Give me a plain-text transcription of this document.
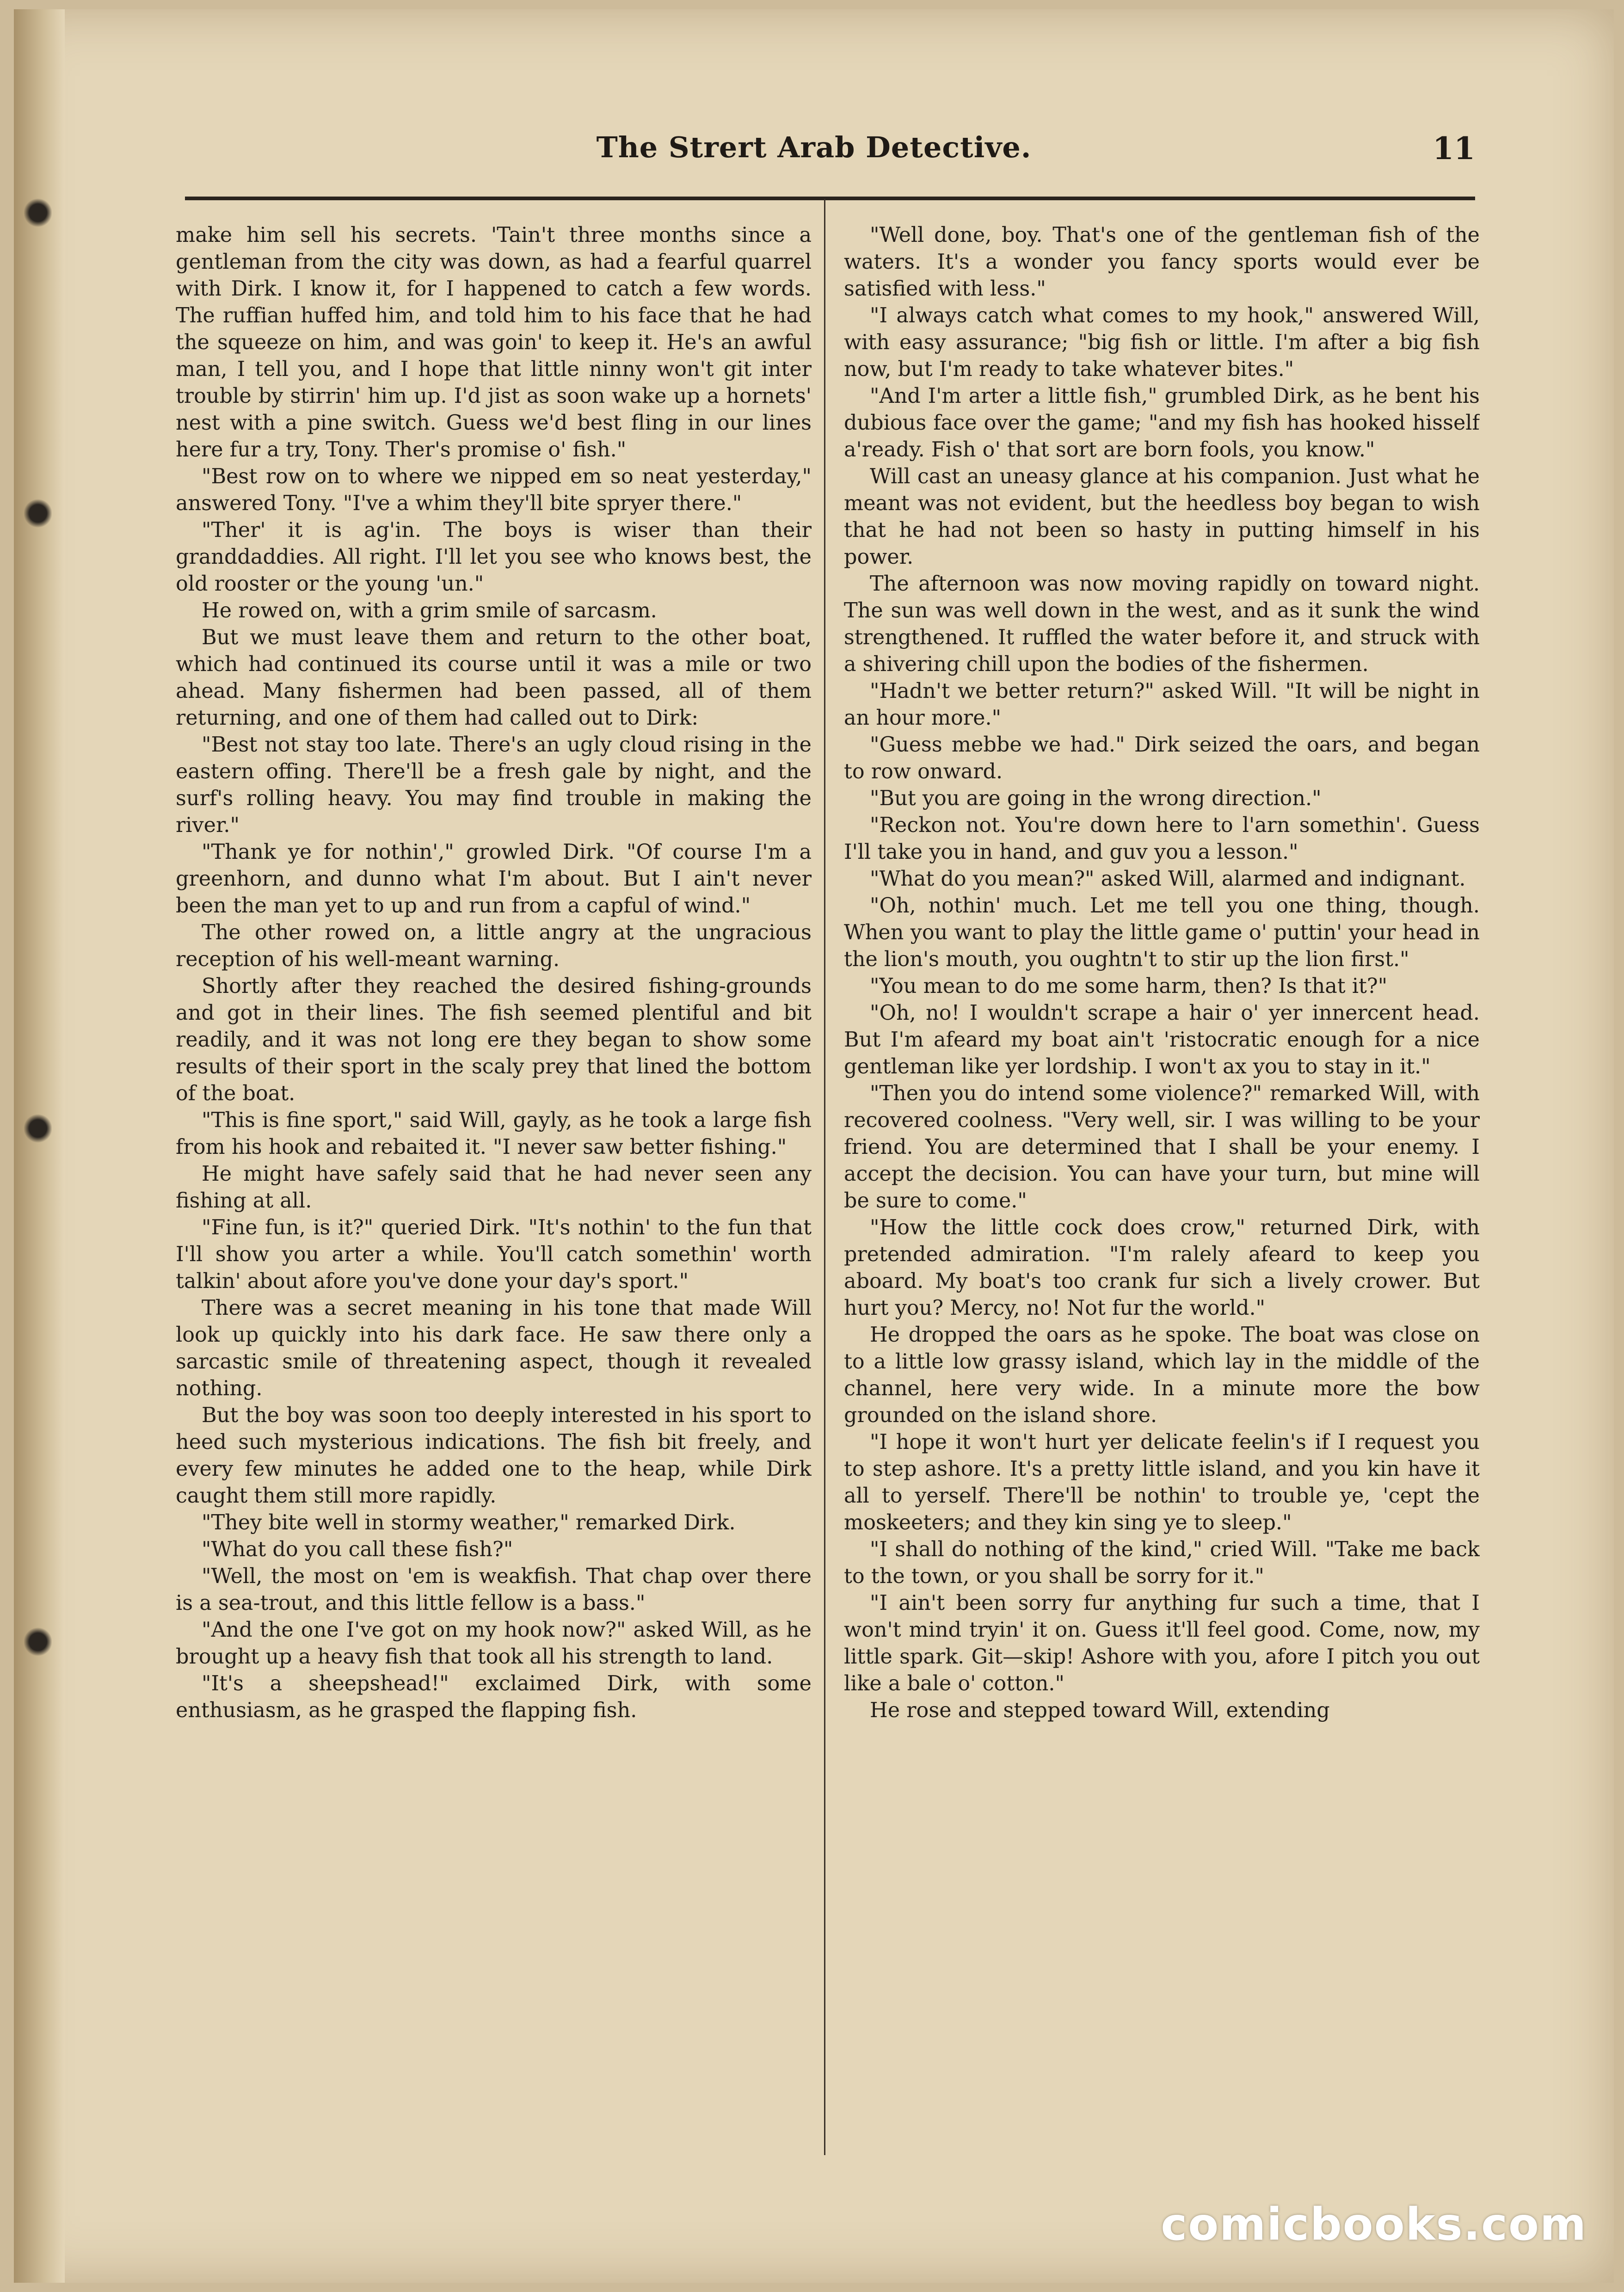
The Strert Arab Detective.	11

make him sell his secrets. 'Tain't three months since a gentleman from the city was down, as had a fearful quarrel with Dirk. I know it, for I happened to catch a few words. The ruffian huffed him, and told him to his face that he had the squeeze on him, and was goin' to keep it. He's an awful man, I tell you, and I hope that little ninny won't git inter trouble by stirrin' him up. I'd jist as soon wake up a hornets' nest with a pine switch. Guess we'd best fling in our lines here fur a try, Tony. Ther's promise o' fish."

"Best row on to where we nipped em so neat yesterday," answered Tony. "I've a whim they'll bite spryer there."

"Ther' it is ag'in. The boys is wiser than their granddaddies. All right. I'll let you see who knows best, the old rooster or the young 'un."

He rowed on, with a grim smile of sarcasm.

But we must leave them and return to the other boat, which had continued its course until it was a mile or two ahead. Many fishermen had been passed, all of them returning, and one of them had called out to Dirk:

"Best not stay too late. There's an ugly cloud rising in the eastern offing. There'll be a fresh gale by night, and the surf's rolling heavy. You may find trouble in making the river."

"Thank ye for nothin'," growled Dirk. "Of course I'm a greenhorn, and dunno what I'm about. But I ain't never been the man yet to up and run from a capful of wind."

The other rowed on, a little angry at the ungracious reception of his well-meant warning.

Shortly after they reached the desired fishing-grounds and got in their lines. The fish seemed plentiful and bit readily, and it was not long ere they began to show some results of their sport in the scaly prey that lined the bottom of the boat.

"This is fine sport," said Will, gayly, as he took a large fish from his hook and rebaited it. "I never saw better fishing."

He might have safely said that he had never seen any fishing at all.

"Fine fun, is it?" queried Dirk. "It's nothin' to the fun that I'll show you arter a while. You'll catch somethin' worth talkin' about afore you've done your day's sport."

There was a secret meaning in his tone that made Will look up quickly into his dark face. He saw there only a sarcastic smile of threatening aspect, though it revealed nothing.

But the boy was soon too deeply interested in his sport to heed such mysterious indications. The fish bit freely, and every few minutes he added one to the heap, while Dirk caught them still more rapidly.

"They bite well in stormy weather," remarked Dirk.

"What do you call these fish?"

"Well, the most on 'em is weakfish. That chap over there is a sea-trout, and this little fellow is a bass."

"And the one I've got on my hook now?" asked Will, as he brought up a heavy fish that took all his strength to land.

"It's a sheepshead!" exclaimed Dirk, with some enthusiasm, as he grasped the flapping fish.

"Well done, boy. That's one of the gentleman fish of the waters. It's a wonder you fancy sports would ever be satisfied with less."

"I always catch what comes to my hook," answered Will, with easy assurance; "big fish or little. I'm after a big fish now, but I'm ready to take whatever bites."

"And I'm arter a little fish," grumbled Dirk, as he bent his dubious face over the game; "and my fish has hooked hisself a'ready. Fish o' that sort are born fools, you know."

Will cast an uneasy glance at his companion. Just what he meant was not evident, but the heedless boy began to wish that he had not been so hasty in putting himself in his power.

The afternoon was now moving rapidly on toward night. The sun was well down in the west, and as it sunk the wind strengthened. It ruffled the water before it, and struck with a shivering chill upon the bodies of the fishermen.

"Hadn't we better return?" asked Will. "It will be night in an hour more."

"Guess mebbe we had." Dirk seized the oars, and began to row onward.

"But you are going in the wrong direction."

"Reckon not. You're down here to l'arn somethin'. Guess I'll take you in hand, and guv you a lesson."

"What do you mean?" asked Will, alarmed and indignant.

"Oh, nothin' much. Let me tell you one thing, though. When you want to play the little game o' puttin' your head in the lion's mouth, you oughtn't to stir up the lion first."

"You mean to do me some harm, then? Is that it?"

"Oh, no! I wouldn't scrape a hair o' yer innercent head. But I'm afeard my boat ain't 'ristocratic enough for a nice gentleman like yer lordship. I won't ax you to stay in it."

"Then you do intend some violence?" remarked Will, with recovered coolness. "Very well, sir. I was willing to be your friend. You are determined that I shall be your enemy. I accept the decision. You can have your turn, but mine will be sure to come."

"How the little cock does crow," returned Dirk, with pretended admiration. "I'm ralely afeard to keep you aboard. My boat's too crank fur sich a lively crower. But hurt you? Mercy, no! Not fur the world."

He dropped the oars as he spoke. The boat was close on to a little low grassy island, which lay in the middle of the channel, here very wide. In a minute more the bow grounded on the island shore.

"I hope it won't hurt yer delicate feelin's if I request you to step ashore. It's a pretty little island, and you kin have it all to yerself. There'll be nothin' to trouble ye, 'cept the moskeeters; and they kin sing ye to sleep."

"I shall do nothing of the kind," cried Will. "Take me back to the town, or you shall be sorry for it."

"I ain't been sorry fur anything fur such a time, that I won't mind tryin' it on. Guess it'll feel good. Come, now, my little spark. Git—skip! Ashore with you, afore I pitch you out like a bale o' cotton."

He rose and stepped toward Will, extending

comicbooks.com
